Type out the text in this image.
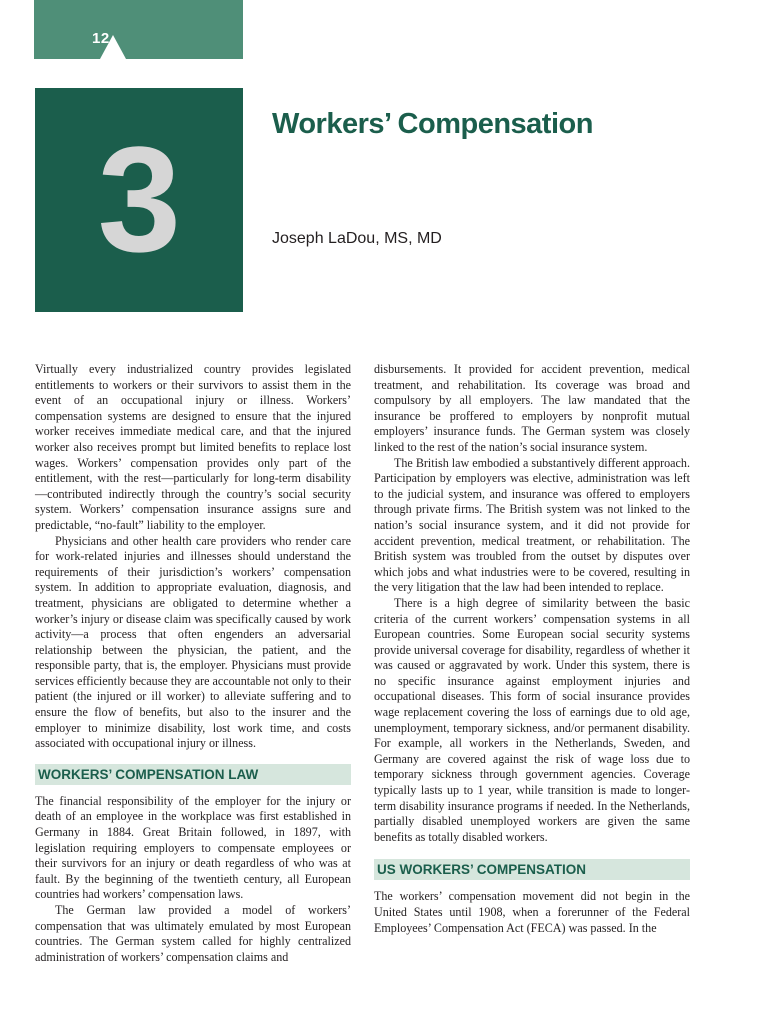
12
3	Workers’ Compensation
Joseph LaDou, MS, MD

Virtually every industrialized country provides legislated entitlements to workers or their survivors to assist them in the event of an occupational injury or illness. Workers’ compensation systems are designed to ensure that the injured worker receives immediate medical care, and that the injured worker also receives prompt but limited benefits to replace lost wages. Workers’ compensation provides only part of the entitlement, with the rest—particularly for long-term disability—contributed indirectly through the country’s social security system. Workers’ compensation insurance assigns sure and predictable, “no-fault” liability to the employer.

Physicians and other health care providers who render care for work-related injuries and illnesses should understand the requirements of their jurisdiction’s workers’ compensation system. In addition to appropriate evaluation, diagnosis, and treatment, physicians are obligated to determine whether a worker’s injury or disease claim was specifically caused by work activity—a process that often engenders an adversarial relationship between the physician, the patient, and the responsible party, that is, the employer. Physicians must provide services efficiently because they are accountable not only to their patient (the injured or ill worker) to alleviate suffering and to ensure the flow of benefits, but also to the insurer and the employer to minimize disability, lost work time, and costs associated with occupational injury or illness.

WORKERS’ COMPENSATION LAW

The financial responsibility of the employer for the injury or death of an employee in the workplace was first established in Germany in 1884. Great Britain followed, in 1897, with legislation requiring employers to compensate employees or their survivors for an injury or death regardless of who was at fault. By the beginning of the twentieth century, all European countries had workers’ compensation laws.

The German law provided a model of workers’ compensation that was ultimately emulated by most European countries. The German system called for highly centralized administration of workers’ compensation claims and

disbursements. It provided for accident prevention, medical treatment, and rehabilitation. Its coverage was broad and compulsory by all employers. The law mandated that the insurance be proffered to employers by nonprofit mutual employers’ insurance funds. The German system was closely linked to the rest of the nation’s social insurance system.

The British law embodied a substantively different approach. Participation by employers was elective, administration was left to the judicial system, and insurance was offered to employers through private firms. The British system was not linked to the nation’s social insurance system, and it did not provide for accident prevention, medical treatment, or rehabilitation. The British system was troubled from the outset by disputes over which jobs and what industries were to be covered, resulting in the very litigation that the law had been intended to replace.

There is a high degree of similarity between the basic criteria of the current workers’ compensation systems in all European countries. Some European social security systems provide universal coverage for disability, regardless of whether it was caused or aggravated by work. Under this system, there is no specific insurance against employment injuries and occupational diseases. This form of social insurance provides wage replacement covering the loss of earnings due to old age, unemployment, temporary sickness, and/or permanent disability. For example, all workers in the Netherlands, Sweden, and Germany are covered against the risk of wage loss due to temporary sickness through government agencies. Coverage typically lasts up to 1 year, while transition is made to longer-term disability insurance programs if needed. In the Netherlands, partially disabled unemployed workers are given the same benefits as totally disabled workers.

US WORKERS’ COMPENSATION

The workers’ compensation movement did not begin in the United States until 1908, when a forerunner of the Federal Employees’ Compensation Act (FECA) was passed. In the
